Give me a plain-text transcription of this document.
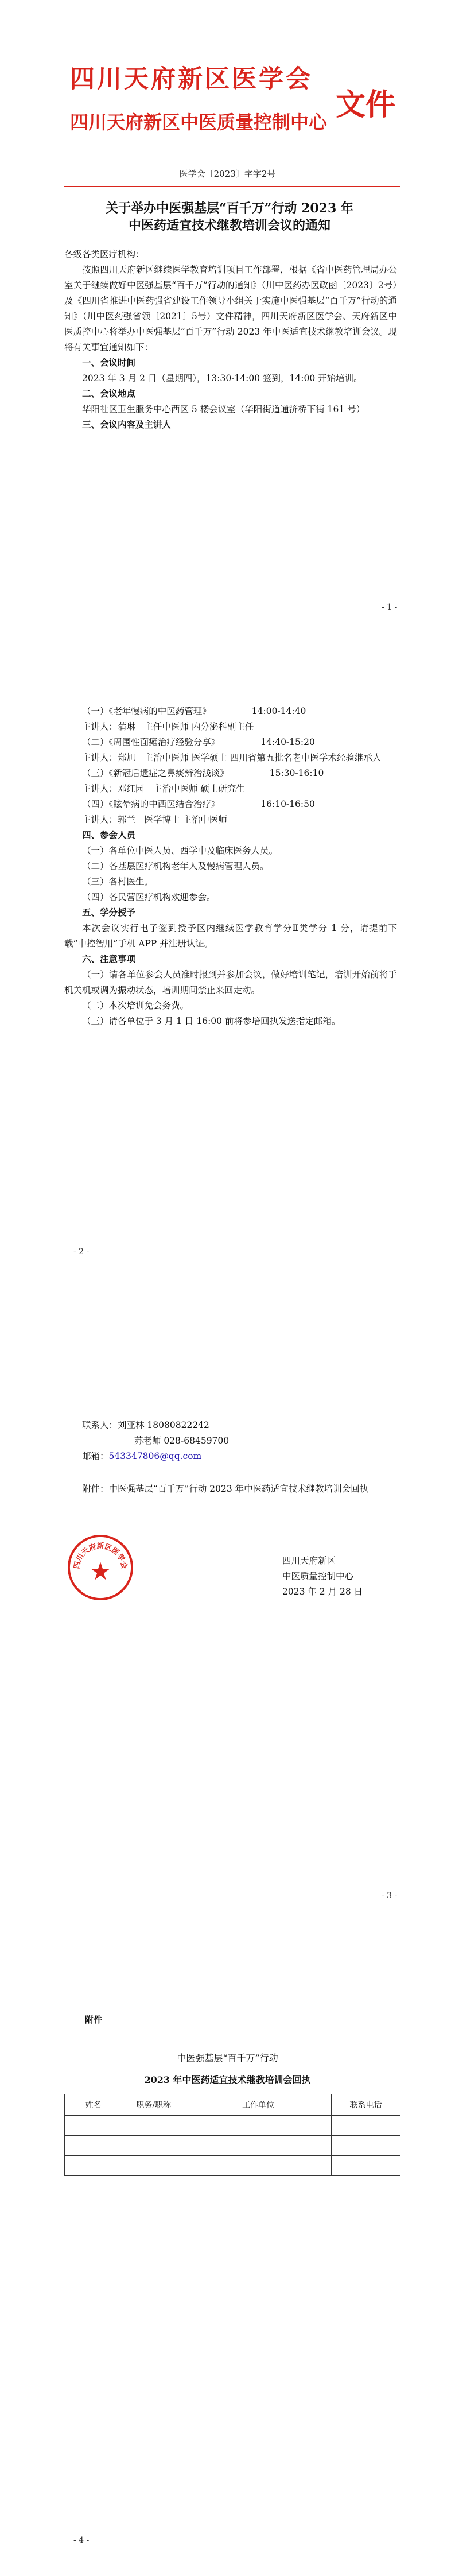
四川天府新区医学会
四川天府新区中医质量控制中心 文件
医学会〔2023〕字字2号
关于举办中医强基层“百千万”行动 2023 年
中医药适宜技术继教培训会议的通知

各级各类医疗机构：

按照四川天府新区继续医学教育培训项目工作部署，根据《省中医药管理局办公室关于继续做好中医强基层“百千万”行动的通知》（川中医药办医政函〔2023〕2号）及《四川省推进中医药强省建设工作领导小组关于实施中医强基层“百千万”行动的通知》（川中医药强省领〔2021〕5号）文件精神，四川天府新区医学会、天府新区中医质控中心将举办中医强基层“百千万”行动 2023 年中医适宜技术继教培训会议。现将有关事宜通知如下：

一、会议时间

2023 年 3 月 2 日（星期四），13:30-14:00 签到，14:00 开始培训。

二、会议地点

华阳社区卫生服务中心西区 5 楼会议室（华阳街道通济桥下街 161 号）

三、会议内容及主讲人

- 1 -

（一）《老年慢病的中医药管理》	14:00-14:40

主讲人：蒲琳　主任中医师 内分泌科副主任

（二）《周围性面瘫治疗经验分享》	14:40-15:20

主讲人：郑旭　主治中医师 医学硕士 四川省第五批名老中医学术经验继承人

（三）《新冠后遗症之鼻痰辨治浅谈》	15:30-16:10

主讲人：邓红园　主治中医师 硕士研究生

（四）《眩晕病的中西医结合治疗》	16:10-16:50

主讲人：郭兰　医学博士 主治中医师

四、参会人员

（一）各单位中医人员、西学中及临床医务人员。

（二）各基层医疗机构老年人及慢病管理人员。

（三）各村医生。

（四）各民营医疗机构欢迎参会。

五、学分授予

本次会议实行电子签到授予区内继续医学教育学分Ⅱ类学分 1 分，请提前下载“中控智用”手机 APP 并注册认证。

六、注意事项

（一）请各单位参会人员准时报到并参加会议，做好培训笔记，培训开始前将手机关机或调为振动状态，培训期间禁止来回走动。

（二）本次培训免会务费。

（三）请各单位于 3 月 1 日 16:00 前将参培回执发送指定邮箱。

- 2 -

联系人：刘亚林 18080822242

苏老师 028-68459700

邮箱：543347806@qq.com

附件：中医强基层“百千万”行动 2023 年中医药适宜技术继教培训会回执

四川天府新区医学会	四川天府新区
中医质量控制中心
2023 年 2 月 28 日
- 3 -
附件
中医强基层“百千万”行动
2023 年中医药适宜技术继教培训会回执
姓名	职务/职称	工作单位	联系电话

- 4 -
